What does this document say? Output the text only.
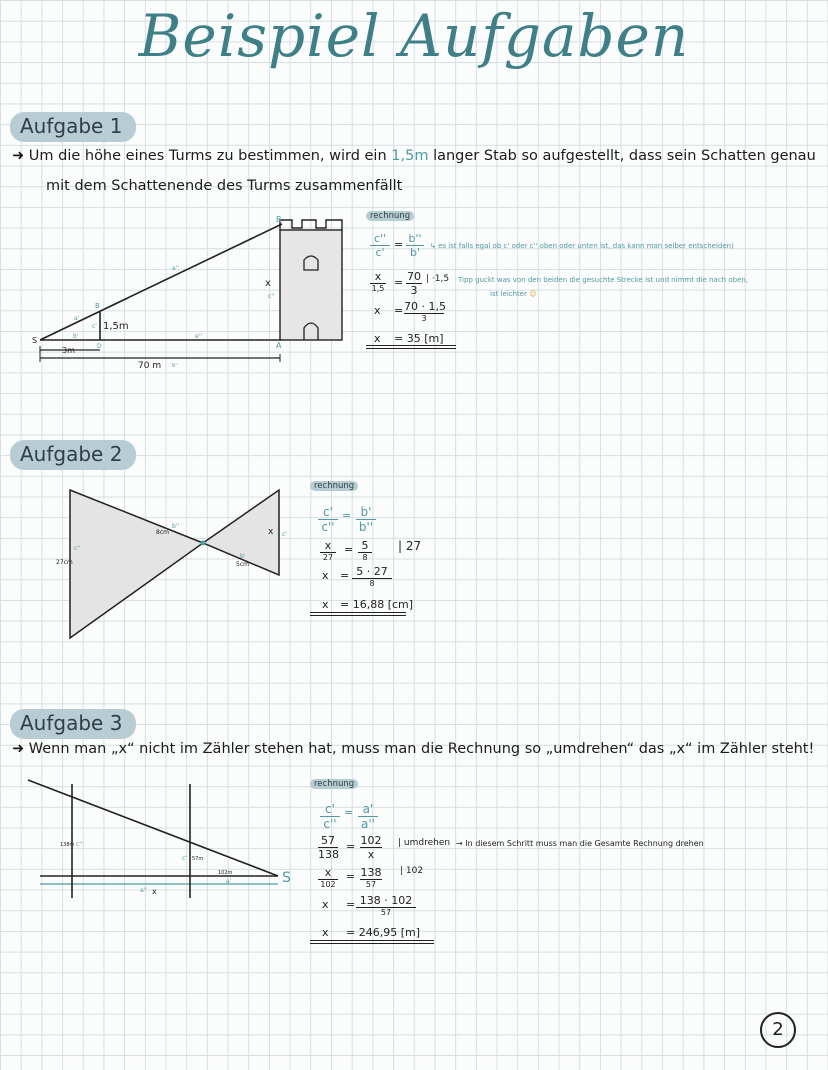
Beispiel Aufgaben
Aufgabe 1
➜ Um die höhe eines Turms zu bestimmen, wird ein 1,5m langer Stab so aufgestellt, dass sein Schatten genau
mit dem Schattenende des Turms zusammenfällt
B
S
A
x
c''
1,5m
3m
70 m b''
a''
c'
a'
b'	e''
B
D
rechnung
$\frac{c''}{c'} = \frac{b''}{b'}$ ↳ es ist falls egal ob c' oder c'' oben oder unten ist, das kann man selber entscheiden)
x
$1,5 = \frac{70}{3}$ | ·1,5 Tipp guckt was von den beiden die gesuchte Strecke ist und nimmt die nach oben,
ist leichter ☺
x = 70 · 1,5
3
x = 35 [m]
Aufgabe 2
27cm
c''
8cm
b''
x c'
5cm
b'
rechnung
$\frac{c'}{c''} = \frac{b'}{b''}$
x
27
= 5
8
| 27
x = 5 · 27
8
x = 16,88 [cm]
Aufgabe 3
➜ Wenn man „x“ nicht im Zähler stehen hat, muss man die Rechnung so „umdrehen“ das „x“ im Zähler steht!
138m c''
57m
c'
102m
a'
a'' x
S
rechnung
$\frac{c'}{c''} = \frac{a'}{a''}$
$\frac{57}{138} = \frac{102}{x}$ | umdrehen → In diesem Schritt muss man die Gesamte Rechnung drehen
x
102
= 138
57
| 102
x = 138 · 102
57
x = 246,95 [m]
2
